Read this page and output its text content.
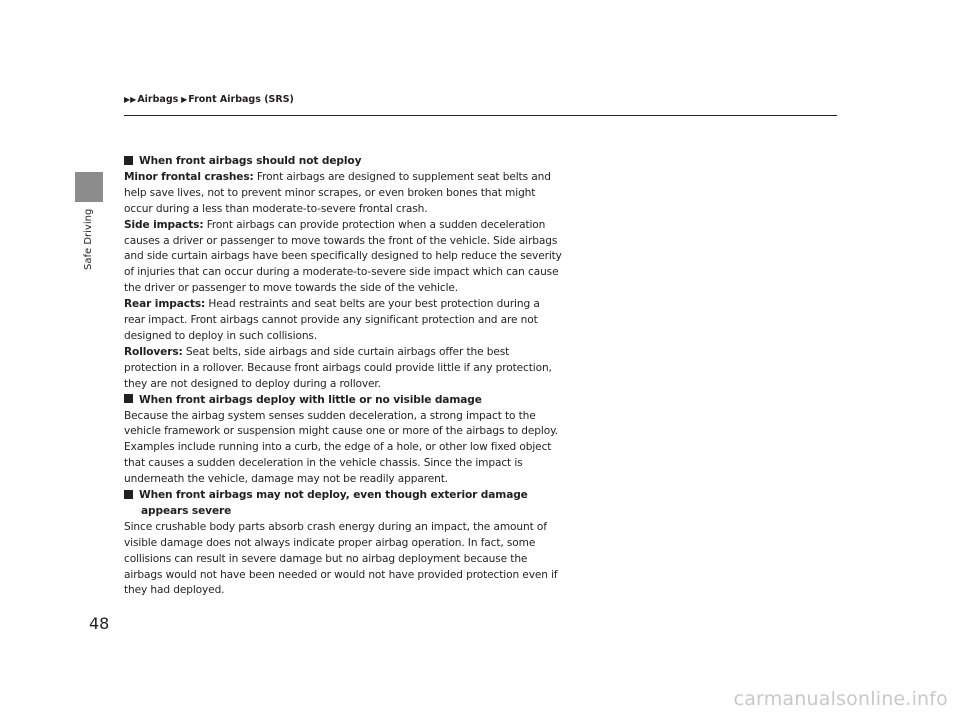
Safe Driving
▶▶Airbags ▶Front Airbags (SRS)

When front airbags should not deploy

Minor frontal crashes: Front airbags are designed to supplement seat belts and help save lives, not to prevent minor scrapes, or even broken bones that might occur during a less than moderate-to-severe frontal crash.

Side impacts: Front airbags can provide protection when a sudden deceleration causes a driver or passenger to move towards the front of the vehicle. Side airbags and side curtain airbags have been specifically designed to help reduce the severity of injuries that can occur during a moderate-to-severe side impact which can cause the driver or passenger to move towards the side of the vehicle.

Rear impacts: Head restraints and seat belts are your best protection during a rear impact. Front airbags cannot provide any significant protection and are not designed to deploy in such collisions.

Rollovers: Seat belts, side airbags and side curtain airbags offer the best protection in a rollover. Because front airbags could provide little if any protection, they are not designed to deploy during a rollover.

When front airbags deploy with little or no visible damage

Because the airbag system senses sudden deceleration, a strong impact to the vehicle framework or suspension might cause one or more of the airbags to deploy. Examples include running into a curb, the edge of a hole, or other low fixed object that causes a sudden deceleration in the vehicle chassis. Since the impact is underneath the vehicle, damage may not be readily apparent.

When front airbags may not deploy, even though exterior damage appears severe

Since crushable body parts absorb crash energy during an impact, the amount of visible damage does not always indicate proper airbag operation. In fact, some collisions can result in severe damage but no airbag deployment because the airbags would not have been needed or would not have provided protection even if they had deployed.

48
carmanualsonline.info
